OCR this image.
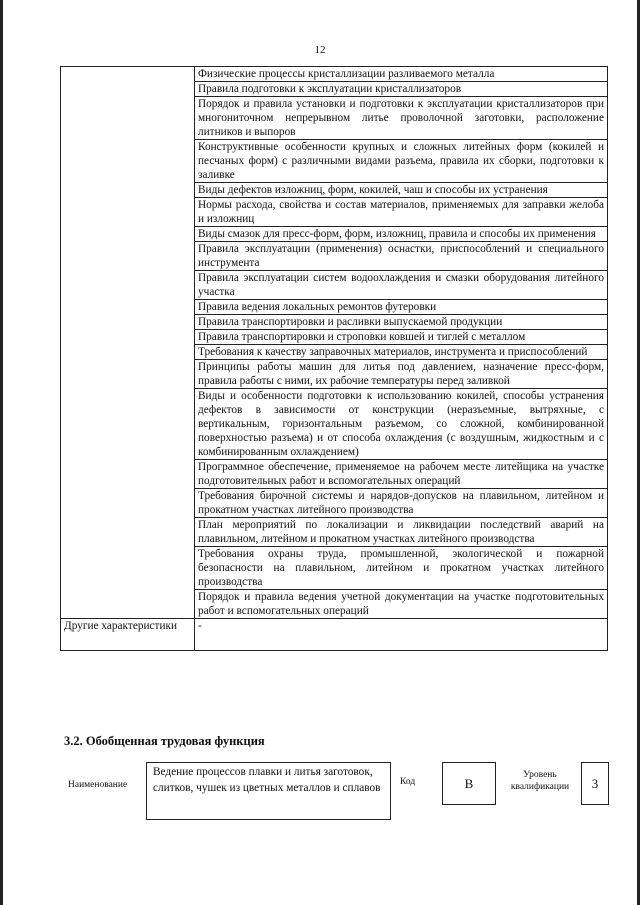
12
	Физические процессы кристаллизации разливаемого металла
	Правила подготовки к эксплуатации кристаллизаторов
	Порядок и правила установки и подготовки к эксплуатации кристаллизаторов при многониточном непрерывном литье проволочной заготовки, расположение литников и выпоров
	Конструктивные особенности крупных и сложных литейных форм (кокилей и песчаных форм) с различными видами разъема, правила их сборки, подготовки к заливке
	Виды дефектов изложниц, форм, кокилей, чаш и способы их устранения
	Нормы расхода, свойства и состав материалов, применяемых для заправки желоба и изложниц
	Виды смазок для пресс-форм, форм, изложниц, правила и способы их применения
	Правила эксплуатации (применения) оснастки, приспособлений и специального инструмента
	Правила эксплуатации систем водоохлаждения и смазки оборудования литейного участка
	Правила ведения локальных ремонтов футеровки
	Правила транспортировки и расливки выпускаемой продукции
	Правила транспортировки и строповки ковшей и тиглей с металлом
	Требования к качеству заправочных материалов, инструмента и приспособлений
	Принципы работы машин для литья под давлением, назначение пресс-форм, правила работы с ними, их рабочие температуры перед заливкой
	Виды и особенности подготовки к использованию кокилей, способы устранения дефектов в зависимости от конструкции (неразъемные, вытряхные, с вертикальным, горизонтальным разъемом, со сложной, комбинированной поверхностью разъема) и от способа охлаждения (с воздушным, жидкостным и с комбинированным охлаждением)
	Программное обеспечение, применяемое на рабочем месте литейщика на участке подготовительных работ и вспомогательных операций
	Требования бирочной системы и нарядов-допусков на плавильном, литейном и прокатном участках литейного производства
	План мероприятий по локализации и ликвидации последствий аварий на плавильном, литейном и прокатном участках литейного производства
	Требования охраны труда, промышленной, экологической и пожарной безопасности на плавильном, литейном и прокатном участках литейного производства
	Порядок и правила ведения учетной документации на участке подготовительных работ и вспомогательных операций
Другие характеристики	-
3.2. Обобщенная трудовая функция
Наименование
Ведение процессов плавки и литья заготовок, слитков, чушек из цветных металлов и сплавов	Код	В
Уровень квалификации	3
